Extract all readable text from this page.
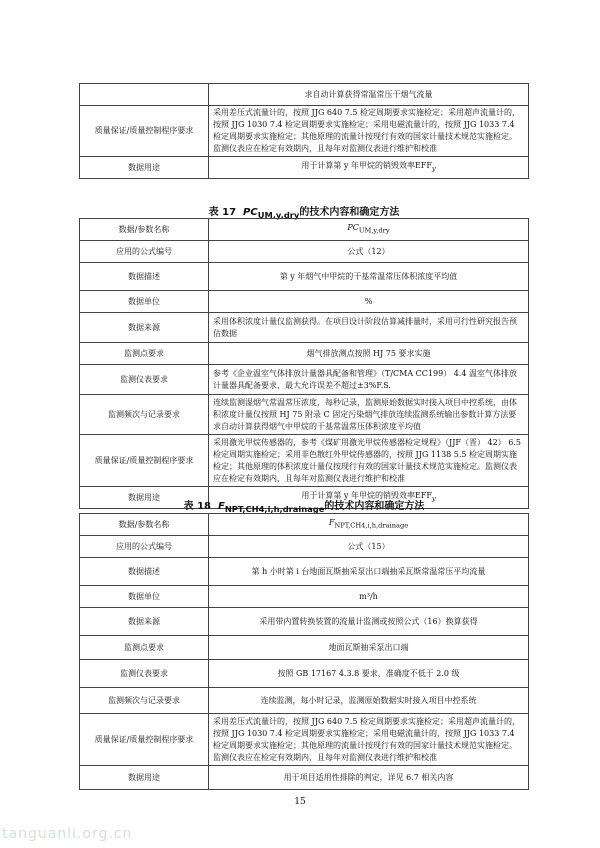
	求自动计算获得常温常压干烟气流量
质量保证/质量控制程序要求	采用差压式流量计的，按照 JJG 640 7.5 检定周期要求实施检定；采用超声流量计的，按照 JJG 1030 7.4 检定周期要求实施检定；采用电磁流量计的，按照 JJG 1033 7.4 检定周期要求实施检定；其他原理的流量计按现行有效的国家计量技术规范实施检定。监测仪表应在检定有效期内，且每年对监测仪表进行维护和校准
数据用途	用于计算第 y 年甲烷的销毁效率$EFF_y$
表 17 $PC_{UM,y,dry}$的技术内容和确定方法
数据/参数名称	$PC_{UM,y,dry}$
应用的公式编号	公式（12）
数据描述	第 y 年烟气中甲烷的干基常温常压体积浓度平均值
数据单位	%
数据来源	采用体积浓度计量仪监测获得。在项目设计阶段估算减排量时，采用可行性研究报告预估数据
监测点要求	烟气排放测点按照 HJ 75 要求实施
监测仪表要求	参考《企业温室气体排放计量器具配备和管理》（T/CMA CC199） 4.4 温室气体排放计量器具配备要求，最大允许误差不超过±3%F.S.
监测频次与记录要求	连续监测湿烟气常温常压浓度，每秒记录，监测原始数据实时接入项目中控系统，由体积浓度计量仪按照 HJ 75 附录 C 固定污染烟气排放连续监测系统输出参数计算方法要求自动计算获得烟气中甲烷的干基常温常压体积浓度平均值
质量保证/质量控制程序要求	采用激光甲烷传感器的，参考《煤矿用激光甲烷传感器检定规程》（JJF（晋） 42） 6.5 检定周期实施检定；采用非色散红外甲烷传感器的，按照 JJG 1138 5.5 检定周期实施检定；其他原理的体积浓度计量仪按现行有效的国家计量技术规范实施检定。监测仪表应在检定有效期内，且每年对监测仪表进行维护和校准
数据用途	用于计算第 y 年甲烷的销毁效率$EFF_y$
表 18 $F_{NPT,CH4,i,h,drainage}$的技术内容和确定方法
数据/参数名称	$F_{NPT,CH4,i,h,drainage}$
应用的公式编号	公式（15）
数据描述	第 h 小时第 i 台地面瓦斯抽采泵出口端抽采瓦斯常温常压平均流量
数据单位	m³/h
数据来源	采用带内置转换装置的流量计监测或按照公式（16）换算获得
监测点要求	地面瓦斯抽采泵出口端
监测仪表要求	按照 GB 17167 4.3.8 要求，准确度不低于 2.0 级
监测频次与记录要求	连续监测，每小时记录，监测原始数据实时接入项目中控系统
质量保证/质量控制程序要求	采用差压式流量计的，按照 JJG 640 7.5 检定周期要求实施检定；采用超声流量计的，按照 JJG 1030 7.4 检定周期要求实施检定；采用电磁流量计的，按照 JJG 1033 7.4 检定周期要求实施检定；其他原理的流量计按现行有效的国家计量技术规范实施检定。监测仪表应在检定有效期内，且每年对监测仪表进行维护和校准
数据用途	用于项目适用性排除的判定，详见 6.7 相关内容
15
tanguanli.org.cn
